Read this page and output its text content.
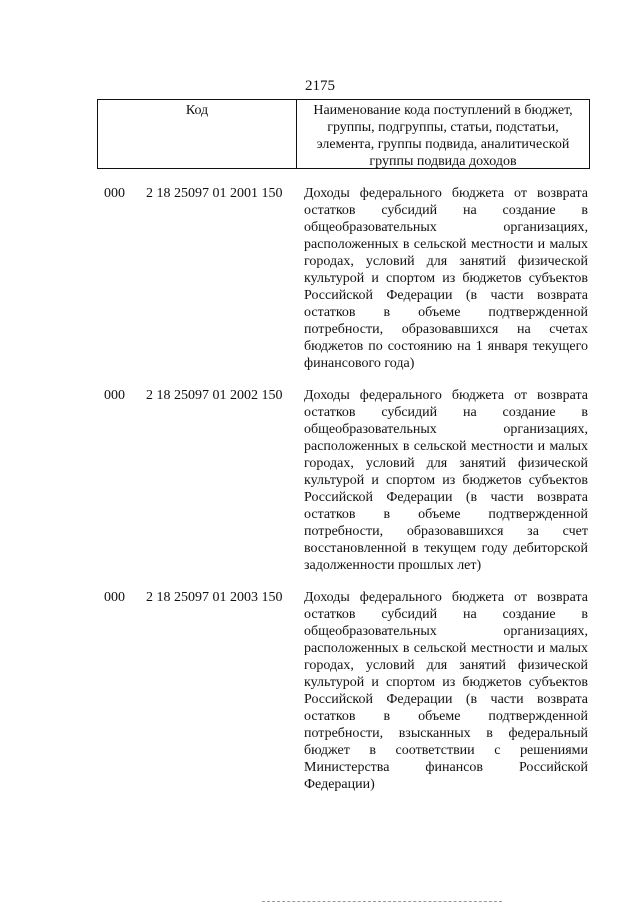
2175
Код	Наименование кода поступлений в бюджет, группы, подгруппы, статьи, подстатьи, элемента, группы подвида, аналитической группы подвида доходов
000	2 18 25097 01 2001 150	Доходы федерального бюджета от возврата остатков субсидий на создание в общеобразовательных организациях, расположенных в сельской местности и малых городах, условий для занятий физической культурой и спортом из бюджетов субъектов Российской Федерации (в части возврата остатков в объеме подтвержденной потребности, образовавшихся на счетах бюджетов по состоянию на 1 января текущего финансового года)
000	2 18 25097 01 2002 150	Доходы федерального бюджета от возврата остатков субсидий на создание в общеобразовательных организациях, расположенных в сельской местности и малых городах, условий для занятий физической культурой и спортом из бюджетов субъектов Российской Федерации (в части возврата остатков в объеме подтвержденной потребности, образовавшихся за счет восстановленной в текущем году дебиторской задолженности прошлых лет)
000	2 18 25097 01 2003 150	Доходы федерального бюджета от возврата остатков субсидий на создание в общеобразовательных организациях, расположенных в сельской местности и малых городах, условий для занятий физической культурой и спортом из бюджетов субъектов Российской Федерации (в части возврата остатков в объеме подтвержденной потребности, взысканных в федеральный бюджет в соответствии с решениями Министерства финансов Российской Федерации)
